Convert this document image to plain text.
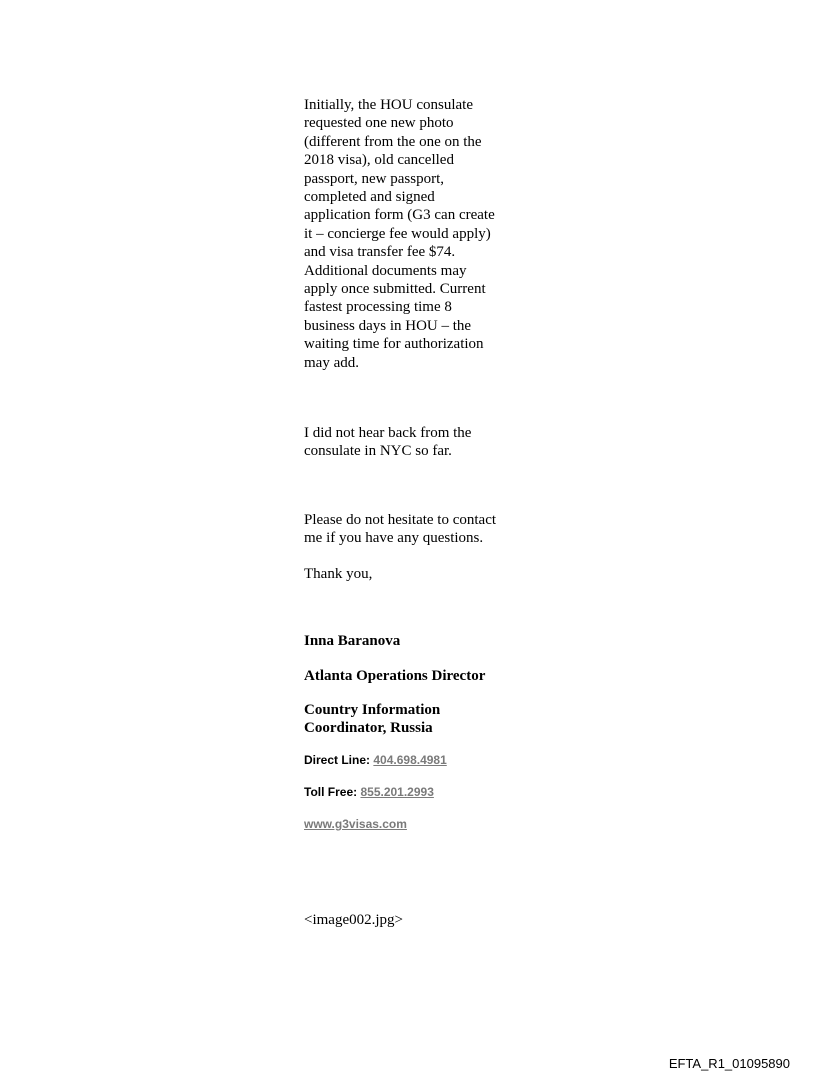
Initially, the HOU consulate

requested one new photo

(different from the one on the

2018 visa), old cancelled

passport, new passport,

completed and signed

application form (G3 can create

it – concierge fee would apply)

and visa transfer fee $74.

Additional documents may

apply once submitted. Current

fastest processing time 8

business days in HOU – the

waiting time for authorization

may add.

I did not hear back from the

consulate in NYC so far.

Please do not hesitate to contact

me if you have any questions.

Thank you,

Inna Baranova

Atlanta Operations Director

Country Information

Coordinator, Russia

Direct Line: 404.698.4981

Toll Free: 855.201.2993

www.g3visas.com

<image002.jpg>

EFTA_R1_01095890
